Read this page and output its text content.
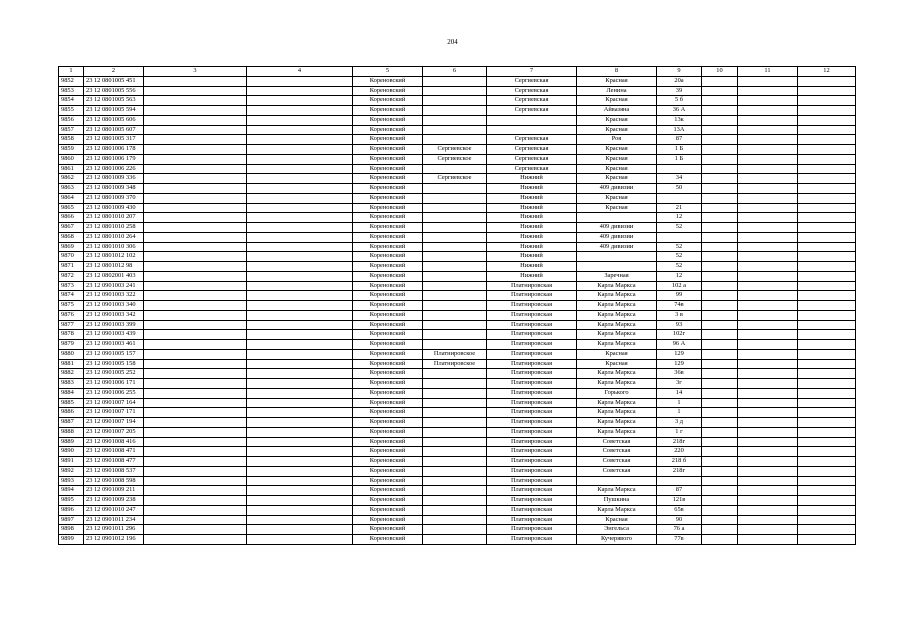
204
1	2	3	4	5	6	7	8	9	10	11	12
9852	23 12 0801005 451			Кореновский		Сергиевская	Красная	20а			
9853	23 12 0801005 556			Кореновский		Сергиевская	Ленина	39			
9854	23 12 0801005 563			Кореновский		Сергиевская	Красная	5 б			
9855	23 12 0801005 594			Кореновский		Сергиевская	Айвазяна	36 А			
9856	23 12 0801005 606			Кореновский			Красная	13к			
9857	23 12 0801005 607			Кореновский			Красная	13А			
9858	23 12 0801005 317			Кореновский		Сергиевская	Роя	87			
9859	23 12 0801006 178			Кореновский	Сергиевское	Сергиевская	Красная	1 Б			
9860	23 12 0801006 179			Кореновский	Сергиевское	Сергиевская	Красная	1 Б			
9861	23 12 0801006 226			Кореновский		Сергиевская	Красная				
9862	23 12 0801009 336			Кореновский	Сергиевское	Нижний	Красная	34			
9863	23 12 0801009 348			Кореновский		Нижний	409 дивизии	50			
9864	23 12 0801009 370			Кореновский		Нижний	Красная				
9865	23 12 0801009 430			Кореновский		Нижний	Красная	21			
9866	23 12 0801010 207			Кореновский		Нижний		12			
9867	23 12 0801010 258			Кореновский		Нижний	409 дивизии	52			
9868	23 12 0801010 264			Кореновский		Нижний	409 дивизии				
9869	23 12 0801010 306			Кореновский		Нижний	409 дивизии	52			
9870	23 12 0801012 102			Кореновский		Нижний		52			
9871	23 12 0801012 98			Кореновский		Нижний		52			
9872	23 12 0802001 403			Кореновский		Нижний	Заречная	12			
9873	23 12 0901003 241			Кореновский		Платнировская	Карла Маркса	102 а			
9874	23 12 0901003 322			Кореновский		Платнировская	Карла Маркса	99			
9875	23 12 0901003 340			Кореновский		Платнировская	Карла Маркса	74в			
9876	23 12 0901003 342			Кореновский		Платнировская	Карла Маркса	3 в			
9877	23 12 0901003 399			Кореновский		Платнировская	Карла Маркса	93			
9878	23 12 0901003 439			Кореновский		Платнировская	Карла Маркса	102г			
9879	23 12 0901003 461			Кореновский		Платнировская	Карла Маркса	96 А			
9880	23 12 0901005 157			Кореновский	Платнировское	Платнировская	Красная	129			
9881	23 12 0901005 158			Кореновский	Платнировское	Платнировская	Красная	129			
9882	23 12 0901005 252			Кореновский		Платнировская	Карла Маркса	36в			
9883	23 12 0901006 171			Кореновский		Платнировская	Карла Маркса	3г			
9884	23 12 0901006 255			Кореновский		Платнировская	Горького	14			
9885	23 12 0901007 164			Кореновский		Платнировская	Карла Маркса	1			
9886	23 12 0901007 171			Кореновский		Платнировская	Карла Маркса	1			
9887	23 12 0901007 194			Кореновский		Платнировская	Карла Маркса	3 д			
9888	23 12 0901007 205			Кореновский		Платнировская	Карла Маркса	1 г			
9889	23 12 0901008 416			Кореновский		Платнировская	Советская	218г			
9890	23 12 0901008 471			Кореновский		Платнировская	Советская	220			
9891	23 12 0901008 477			Кореновский		Платнировская	Советская	218 б			
9892	23 12 0901008 537			Кореновский		Платнировская	Советская	218г			
9893	23 12 0901008 598			Кореновский		Платнировская					
9894	23 12 0901009 211			Кореновский		Платнировская	Карла Маркса	87			
9895	23 12 0901009 238			Кореновский		Платнировская	Пушкина	121в			
9896	23 12 0901010 247			Кореновский		Платнировская	Карла Маркса	65в			
9897	23 12 0901011 234			Кореновский		Платнировская	Красная	90			
9898	23 12 0901011 296			Кореновский		Платнировская	Энгельса	76 а			
9899	23 12 0901012 196			Кореновский		Платнировская	Кучерявого	77в			
